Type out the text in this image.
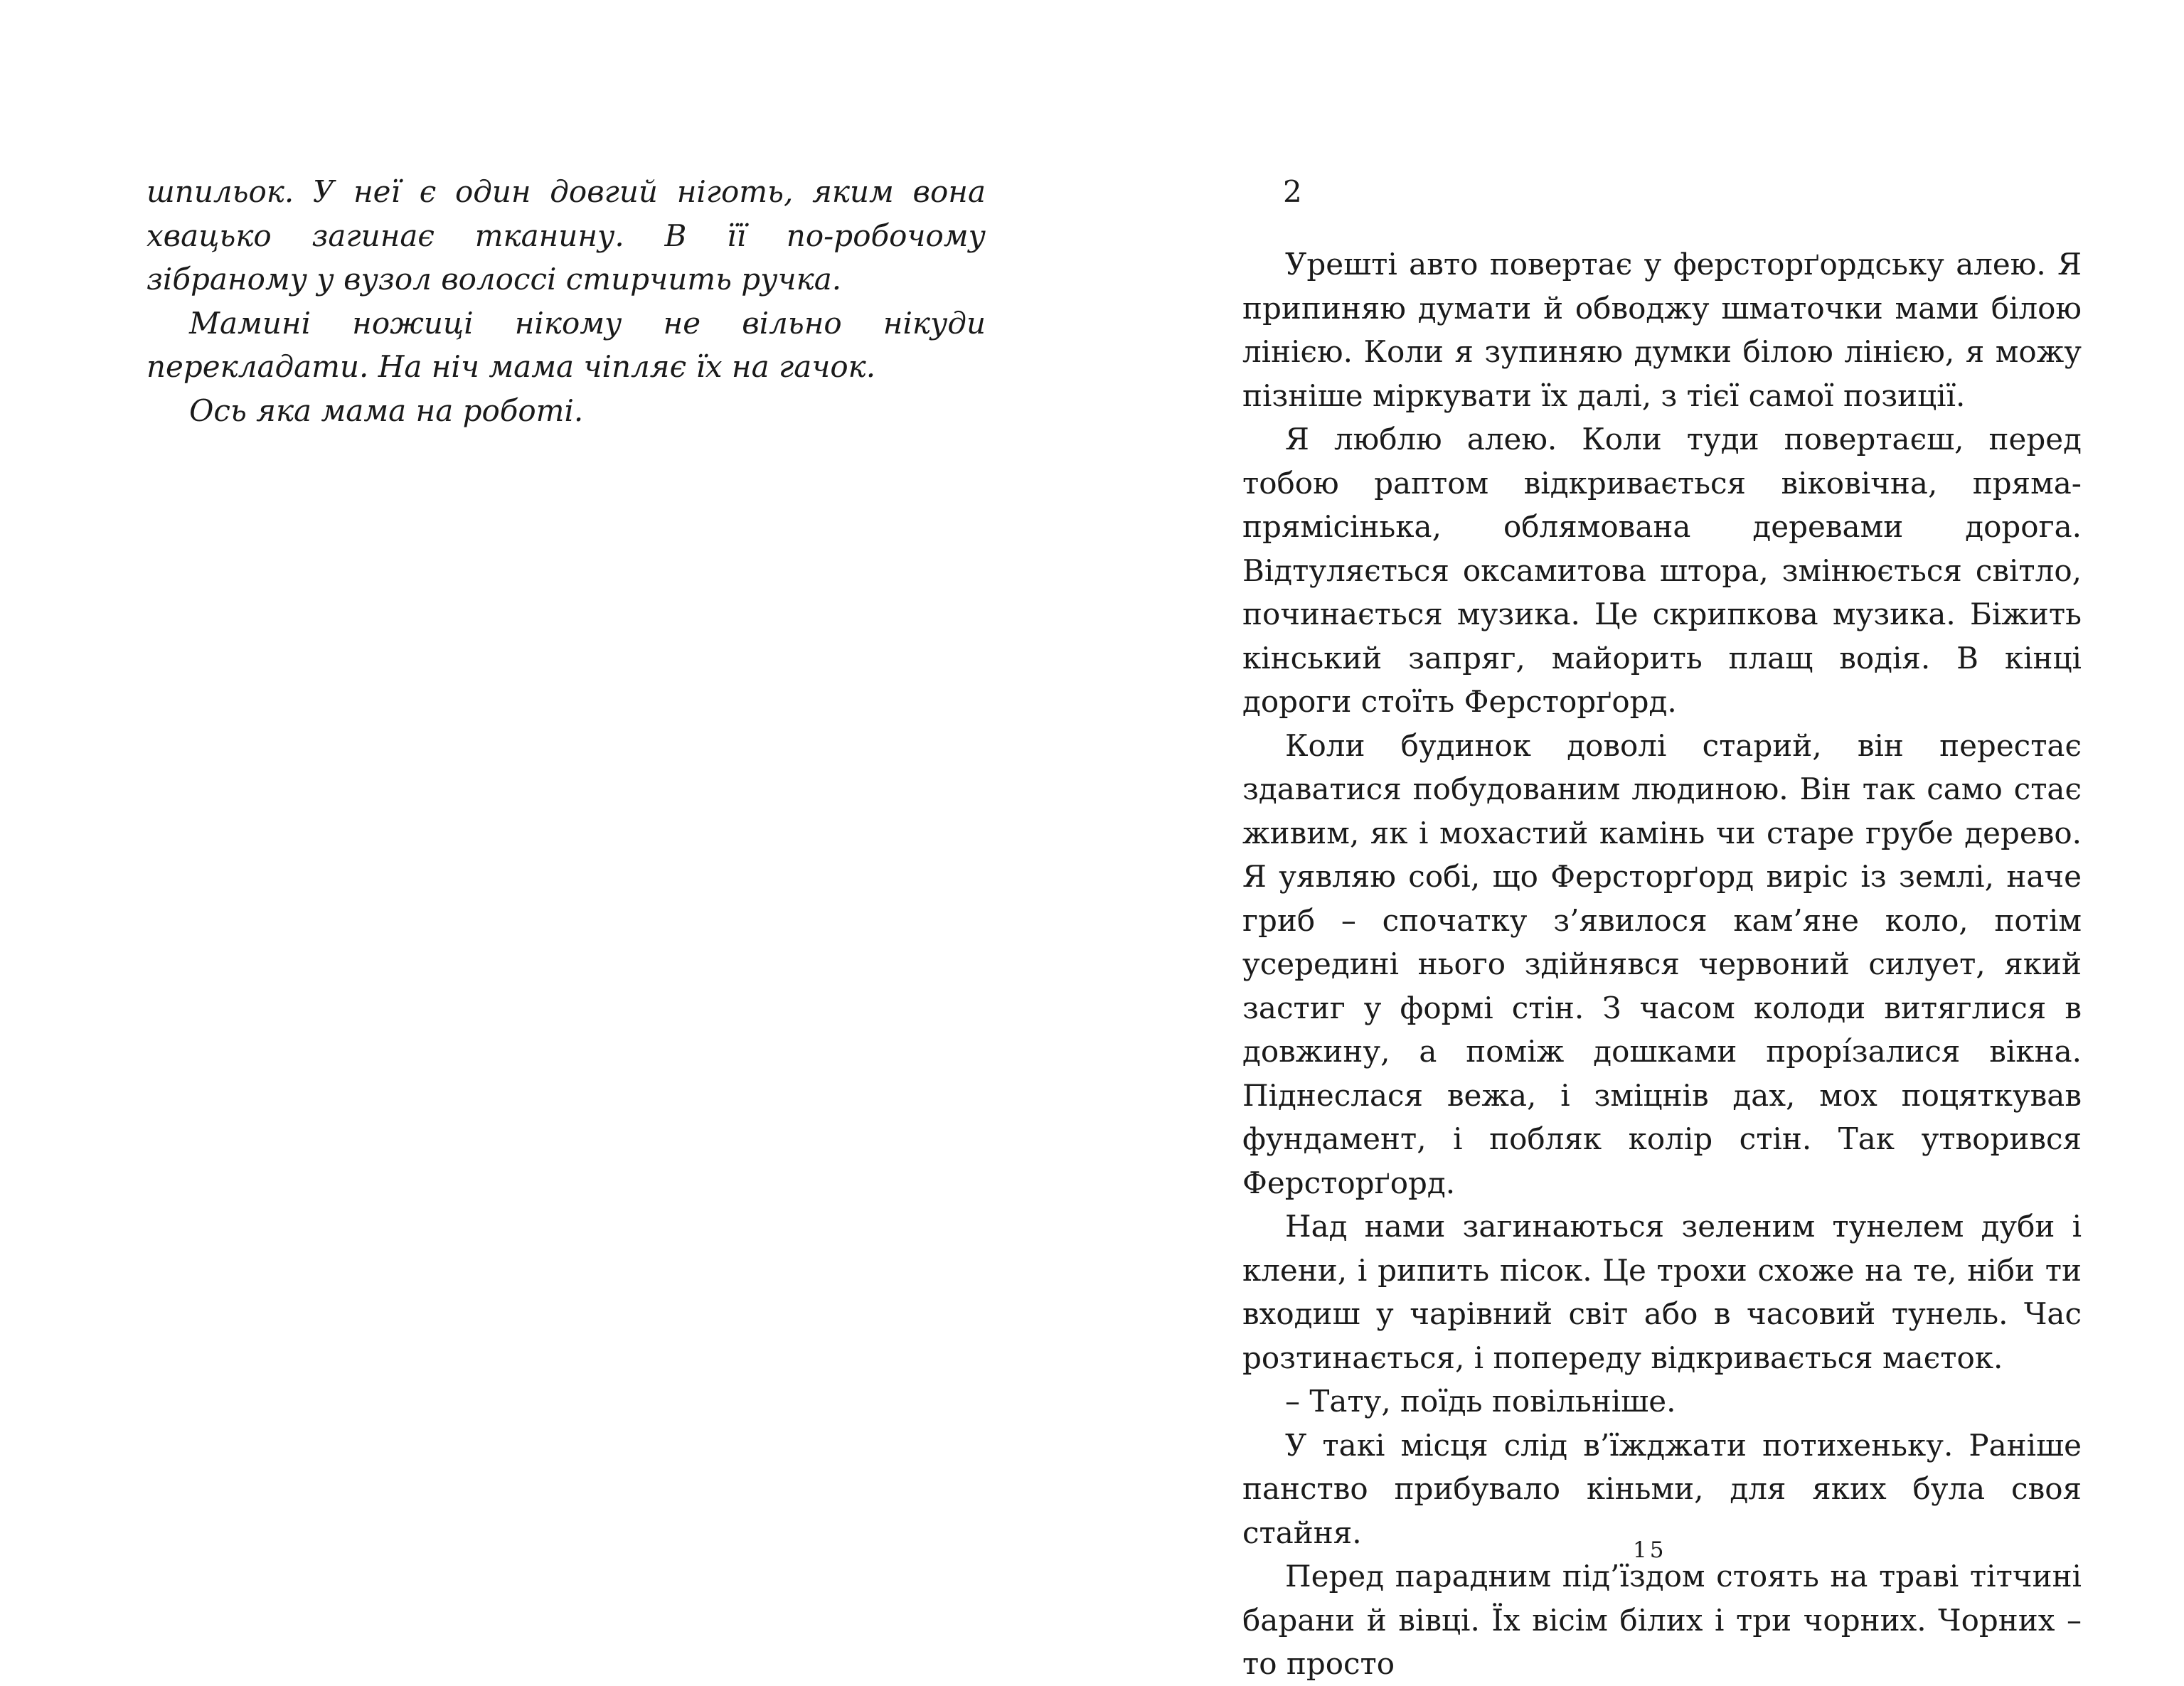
шпильок. У неї є один довгий ніготь, яким вона хвацько загинає тканину. В її по-робочому зібраному у вузол волоссі стирчить ручка.

Мамині ножиці нікому не вільно нікуди перекладати. На ніч мама чіпляє їх на гачок.

Ось яка мама на роботі.

Урешті авто повертає у ферсторґордську алею. Я припиняю думати й обводжу шматочки мами білою лінією. Коли я зупиняю думки білою лінією, я можу пізніше міркувати їх далі, з тієї самої позиції.

Я люблю алею. Коли туди повертаєш, перед тобою раптом відкривається віковічна, пряма-прямісінька, облямована деревами дорога. Відтуляється оксамитова штора, змінюється світло, починається музика. Це скрипкова музика. Біжить кінський запряг, майорить плащ водія. В кінці дороги стоїть Ферсторґорд.

Коли будинок доволі старий, він перестає здаватися побудованим людиною. Він так само стає живим, як і мохастий камінь чи старе грубе дерево. Я уявляю собі, що Ферсторґорд виріс із землі, наче гриб – спочатку з’явилося кам’яне коло, потім усередині нього здійнявся червоний силует, який застиг у формі стін. З часом колоди витяглися в довжину, а поміж дошками прорі́залися вікна. Піднеслася вежа, і зміцнів дах, мох поцяткував фундамент, і побляк колір стін. Так утворився Ферсторґорд.

Над нами загинаються зеленим тунелем дуби і клени, і рипить пісок. Це трохи схоже на те, ніби ти входиш у чарівний світ або в часовий тунель. Час розтинається, і попереду відкривається маєток.

– Тату, поїдь повільніше.

У такі місця слід в’їжджати потихеньку. Раніше панство прибувало кіньми, для яких була своя стайня.

Перед парадним під’їздом стоять на траві тітчині барани й вівці. Їх вісім білих і три чорних. Чорних – то просто

2
15
